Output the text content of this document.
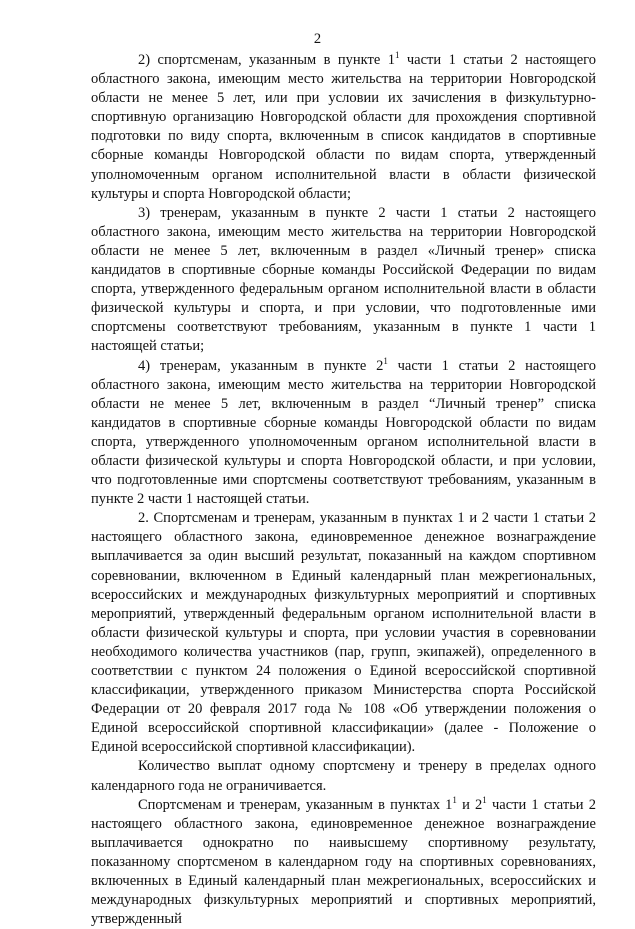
2

2) спортсменам, указанным в пункте $1^1$ части 1 статьи 2 настоящего областного закона, имеющим место жительства на территории Новгородской области не менее 5 лет, или при условии их зачисления в физкультурно-спортивную организацию Новгородской области для прохождения спортивной подготовки по виду спорта, включенным в список кандидатов в спортивные сборные команды Новгородской области по видам спорта, утвержденный уполномоченным органом исполнительной власти в области физической культуры и спорта Новгородской области;

3) тренерам, указанным в пункте 2 части 1 статьи 2 настоящего областного закона, имеющим место жительства на территории Новгородской области не менее 5 лет, включенным в раздел «Личный тренер» списка кандидатов в спортивные сборные команды Российской Федерации по видам спорта, утвержденного федеральным органом исполнительной власти в области физической культуры и спорта, и при условии, что подготовленные ими спортсмены соответствуют требованиям, указанным в пункте 1 части 1 настоящей статьи;

4) тренерам, указанным в пункте $2^1$ части 1 статьи 2 настоящего областного закона, имеющим место жительства на территории Новгородской области не менее 5 лет, включенным в раздел “Личный тренер” списка кандидатов в спортивные сборные команды Новгородской области по видам спорта, утвержденного уполномоченным органом исполнительной власти в области физической культуры и спорта Новгородской области, и при условии, что подготовленные ими спортсмены соответствуют требованиям, указанным в пункте 2 части 1 настоящей статьи.

2. Спортсменам и тренерам, указанным в пунктах 1 и 2 части 1 статьи 2 настоящего областного закона, единовременное денежное вознаграждение выплачивается за один высший результат, показанный на каждом спортивном соревновании, включенном в Единый календарный план межрегиональных, всероссийских и международных физкультурных мероприятий и спортивных мероприятий, утвержденный федеральным органом исполнительной власти в области физической культуры и спорта, при условии участия в соревновании необходимого количества участников (пар, групп, экипажей), определенного в соответствии с пунктом 24 положения о Единой всероссийской спортивной классификации, утвержденного приказом Министерства спорта Российской Федерации от 20 февраля 2017 года № 108 «Об утверждении положения о Единой всероссийской спортивной классификации» (далее - Положение о Единой всероссийской спортивной классификации).

Количество выплат одному спортсмену и тренеру в пределах одного календарного года не ограничивается.

Спортсменам и тренерам, указанным в пунктах $1^1$ и $2^1$ части 1 статьи 2 настоящего областного закона, единовременное денежное вознаграждение выплачивается однократно по наивысшему спортивному результату, показанному спортсменом в календарном году на спортивных соревнованиях, включенных в Единый календарный план межрегиональных, всероссийских и международных физкультурных мероприятий и спортивных мероприятий, утвержденный
